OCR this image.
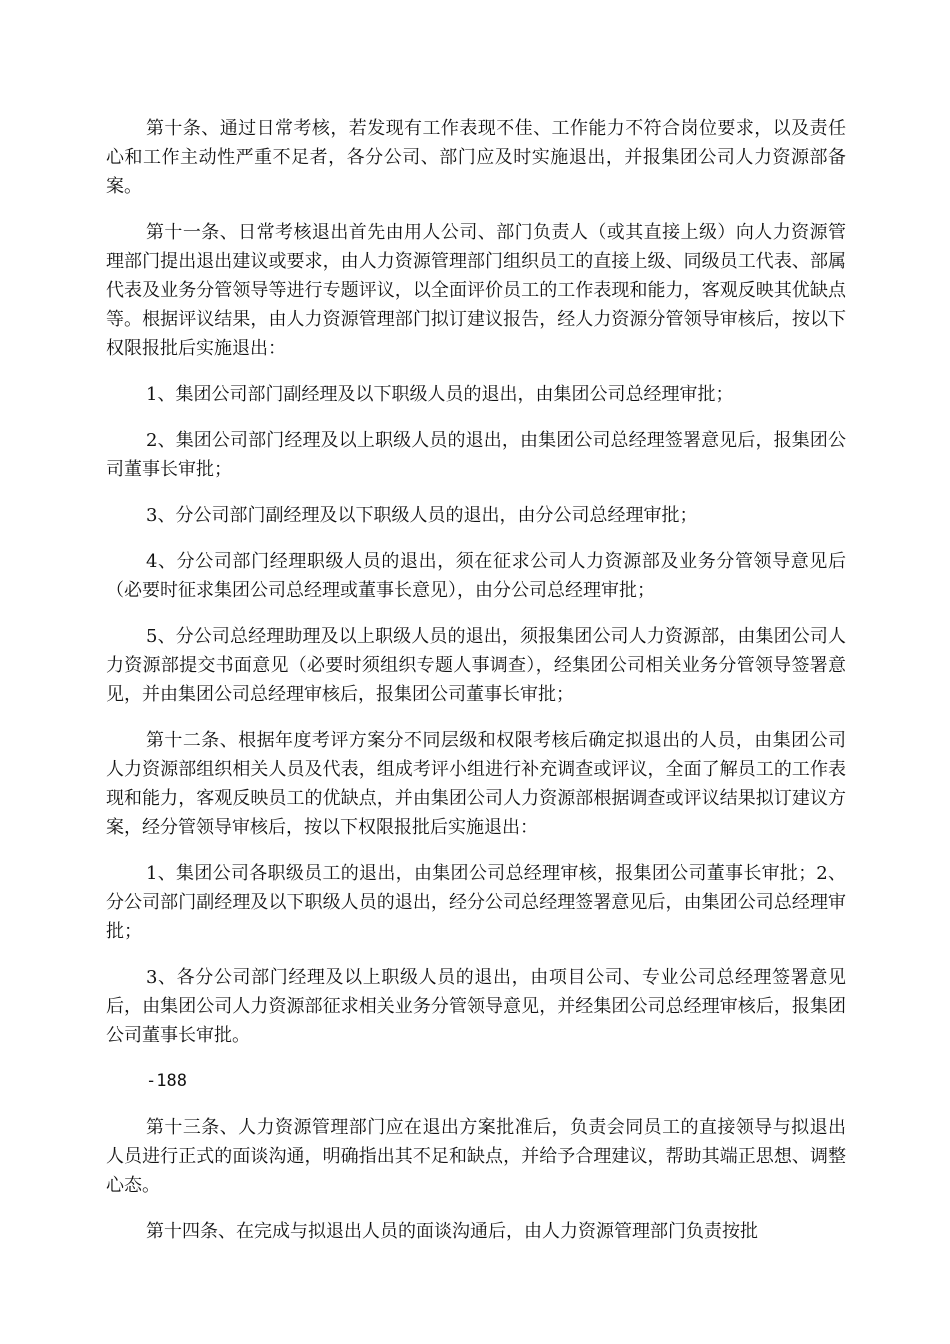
第十条、通过日常考核，若发现有工作表现不佳、工作能力不符合岗位要求，以及责任心和工作主动性严重不足者，各分公司、部门应及时实施退出，并报集团公司人力资源部备案。

第十一条、日常考核退出首先由用人公司、部门负责人（或其直接上级）向人力资源管理部门提出退出建议或要求，由人力资源管理部门组织员工的直接上级、同级员工代表、部属代表及业务分管领导等进行专题评议，以全面评价员工的工作表现和能力，客观反映其优缺点等。根据评议结果，由人力资源管理部门拟订建议报告，经人力资源分管领导审核后，按以下权限报批后实施退出：

1、集团公司部门副经理及以下职级人员的退出，由集团公司总经理审批；

2、集团公司部门经理及以上职级人员的退出，由集团公司总经理签署意见后，报集团公司董事长审批；

3、分公司部门副经理及以下职级人员的退出，由分公司总经理审批；

4、分公司部门经理职级人员的退出，须在征求公司人力资源部及业务分管领导意见后（必要时征求集团公司总经理或董事长意见），由分公司总经理审批；

5、分公司总经理助理及以上职级人员的退出，须报集团公司人力资源部，由集团公司人力资源部提交书面意见（必要时须组织专题人事调查），经集团公司相关业务分管领导签署意见，并由集团公司总经理审核后，报集团公司董事长审批；

第十二条、根据年度考评方案分不同层级和权限考核后确定拟退出的人员，由集团公司人力资源部组织相关人员及代表，组成考评小组进行补充调查或评议，全面了解员工的工作表现和能力，客观反映员工的优缺点，并由集团公司人力资源部根据调查或评议结果拟订建议方案，经分管领导审核后，按以下权限报批后实施退出：

1、集团公司各职级员工的退出，由集团公司总经理审核，报集团公司董事长审批；2、分公司部门副经理及以下职级人员的退出，经分公司总经理签署意见后，由集团公司总经理审批；

3、各分公司部门经理及以上职级人员的退出，由项目公司、专业公司总经理签署意见后，由集团公司人力资源部征求相关业务分管领导意见，并经集团公司总经理审核后，报集团公司董事长审批。

-188

第十三条、人力资源管理部门应在退出方案批准后，负责会同员工的直接领导与拟退出人员进行正式的面谈沟通，明确指出其不足和缺点，并给予合理建议，帮助其端正思想、调整心态。

第十四条、在完成与拟退出人员的面谈沟通后，由人力资源管理部门负责按批
